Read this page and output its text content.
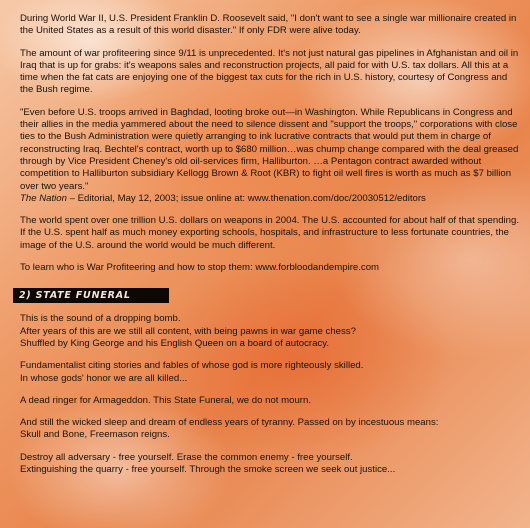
During World War II, U.S. President Franklin D. Roosevelt said, "I don't want to see a single war millionaire created in the United States as a result of this world disaster." If only FDR were alive today.

The amount of war profiteering since 9/11 is unprecedented. It's not just natural gas pipelines in Afghanistan and oil in Iraq that is up for grabs: it's weapons sales and reconstruction projects, all paid for with U.S. tax dollars. All this at a time when the fat cats are enjoying one of the biggest tax cuts for the rich in U.S. history, courtesy of Congress and the Bush regime.

"Even before U.S. troops arrived in Baghdad, looting broke out—in Washington. While Republicans in Congress and their allies in the media yammered about the need to silence dissent and "support the troops," corporations with close ties to the Bush Administration were quietly arranging to ink lucrative contracts that would put them in charge of reconstructing Iraq. Bechtel's contract, worth up to $680 million…was chump change compared with the deal greased through by Vice President Cheney's old oil-services firm, Halliburton. …a Pentagon contract awarded without competition to Halliburton subsidiary Kellogg Brown & Root (KBR) to fight oil well fires is worth as much as $7 billion over two years."

The Nation – Editorial, May 12, 2003; issue online at: www.thenation.com/doc/20030512/editors

The world spent over one trillion U.S. dollars on weapons in 2004. The U.S. accounted for about half of that spending. If the U.S. spent half as much money exporting schools, hospitals, and infrastructure to less fortunate countries, the image of the U.S. around the world would be much different.

To learn who is War Profiteering and how to stop them: www.forbloodandempire.com

2) STATE FUNERAL
This is the sound of a dropping bomb.
After years of this are we still all content, with being pawns in war game chess?
Shuffled by King George and his English Queen on a board of autocracy.
Fundamentalist citing stories and fables of whose god is more righteously skilled.
In whose gods' honor we are all killed...
A dead ringer for Armageddon. This State Funeral, we do not mourn.
And still the wicked sleep and dream of endless years of tyranny. Passed on by incestuous means:
Skull and Bone, Freemason reigns.
Destroy all adversary - free yourself. Erase the common enemy - free yourself.
Extinguishing the quarry - free yourself. Through the smoke screen we seek out justice...
